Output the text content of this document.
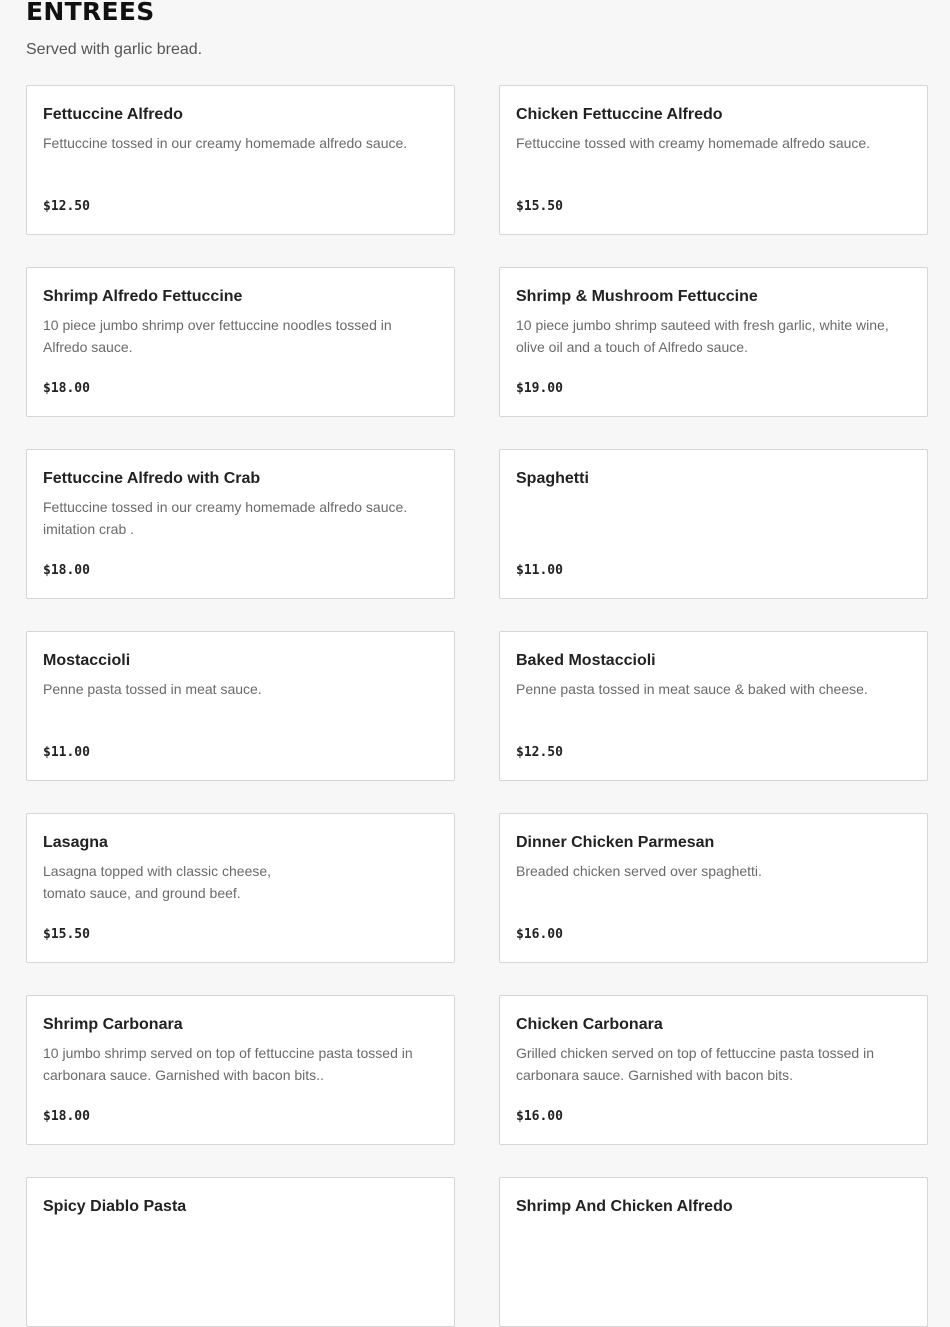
ENTREES

Served with garlic bread.

Fettuccine Alfredo
Fettuccine tossed in our creamy homemade alfredo sauce.
$12.50
Chicken Fettuccine Alfredo
Fettuccine tossed with creamy homemade alfredo sauce.
$15.50
Shrimp Alfredo Fettuccine
10 piece jumbo shrimp over fettuccine noodles tossed in Alfredo sauce.
$18.00
Shrimp & Mushroom Fettuccine
10 piece jumbo shrimp sauteed with fresh garlic, white wine, olive oil and a touch of Alfredo sauce.
$19.00
Fettuccine Alfredo with Crab
Fettuccine tossed in our creamy homemade alfredo sauce. imitation crab .
$18.00
Spaghetti
$11.00
Mostaccioli
Penne pasta tossed in meat sauce.
$11.00
Baked Mostaccioli
Penne pasta tossed in meat sauce & baked with cheese.
$12.50
Lasagna
Lasagna topped with classic cheese,
tomato sauce, and ground beef.
$15.50
Dinner Chicken Parmesan
Breaded chicken served over spaghetti.
$16.00
Shrimp Carbonara
10 jumbo shrimp served on top of fettuccine pasta tossed in carbonara sauce. Garnished with bacon bits..
$18.00
Chicken Carbonara
Grilled chicken served on top of fettuccine pasta tossed in carbonara sauce. Garnished with bacon bits.
$16.00
Spicy Diablo Pasta	Shrimp And Chicken Alfredo
